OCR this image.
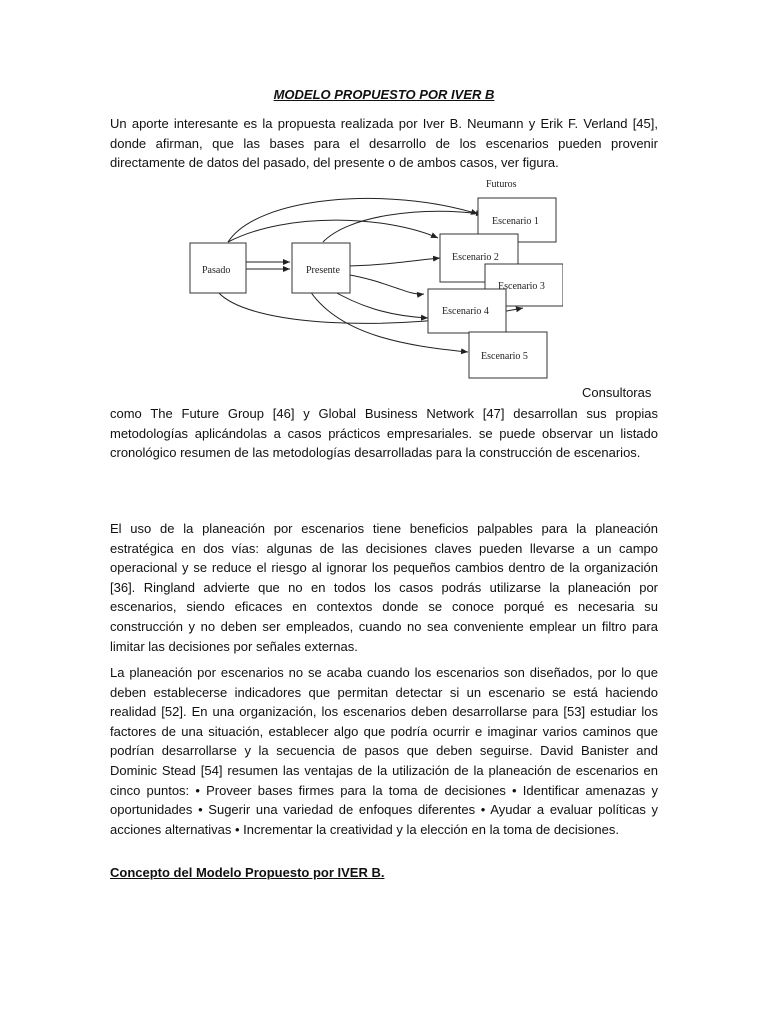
MODELO PROPUESTO POR IVER B

Un aporte interesante es la propuesta realizada por Iver B. Neumann y Erik F. Verland [45], donde afirman, que las bases para el desarrollo de los escenarios pueden provenir directamente de datos del pasado, del presente o de ambos casos, ver figura.

Futuros
Pasado	Presente
Escenario 1
Escenario 2
Escenario 3
Escenario 4
Escenario 5
Consultoras

como The Future Group [46] y Global Business Network [47] desarrollan sus propias metodologías aplicándolas a casos prácticos empresariales. se puede observar un listado cronológico resumen de las metodologías desarrolladas para la construcción de escenarios.

El uso de la planeación por escenarios tiene beneficios palpables para la planeación estratégica en dos vías: algunas de las decisiones claves pueden llevarse a un campo operacional y se reduce el riesgo al ignorar los pequeños cambios dentro de la organización [36]. Ringland advierte que no en todos los casos podrás utilizarse la planeación por escenarios, siendo eficaces en contextos donde se conoce porqué es necesaria su construcción y no deben ser empleados, cuando no sea conveniente emplear un filtro para limitar las decisiones por señales externas.

La planeación por escenarios no se acaba cuando los escenarios son diseñados, por lo que deben establecerse indicadores que permitan detectar si un escenario se está haciendo realidad [52]. En una organización, los escenarios deben desarrollarse para [53] estudiar los factores de una situación, establecer algo que podría ocurrir e imaginar varios caminos que podrían desarrollarse y la secuencia de pasos que deben seguirse. David Banister and Dominic Stead [54] resumen las ventajas de la utilización de la planeación de escenarios en cinco puntos: • Proveer bases firmes para la toma de decisiones • Identificar amenazas y oportunidades • Sugerir una variedad de enfoques diferentes • Ayudar a evaluar políticas y acciones alternativas • Incrementar la creatividad y la elección en la toma de decisiones.

Concepto del Modelo Propuesto por IVER B.
